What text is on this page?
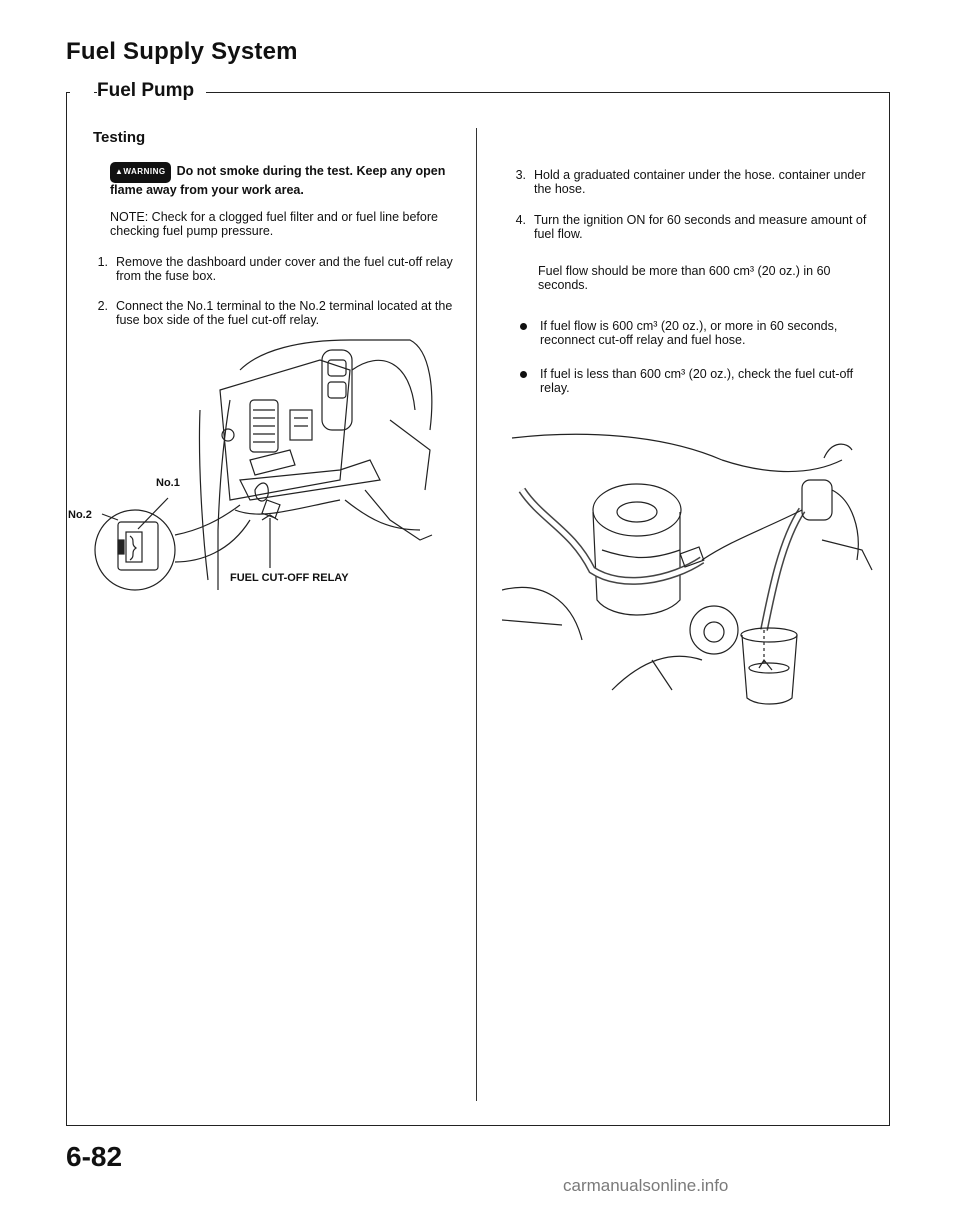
Fuel Supply System
Fuel Pump
Testing
▲WARNING Do not smoke during the test. Keep any open flame away from your work area.
NOTE: Check for a clogged fuel filter and or fuel line before checking fuel pump pressure.
1. Remove the dashboard under cover and the fuel cut-off relay from the fuse box.
2. Connect the No.1 terminal to the No.2 terminal located at the fuse box side of the fuel cut-off relay.
No.1
No.2
FUEL CUT-OFF RELAY
3. Hold a graduated container under the hose. container under the hose.
4. Turn the ignition ON for 60 seconds and measure amount of fuel flow.
Fuel flow should be more than 600 cm³ (20 oz.) in 60 seconds.
If fuel flow is 600 cm³ (20 oz.), or more in 60 seconds, reconnect cut-off relay and fuel hose.
If fuel is less than 600 cm³ (20 oz.), check the fuel cut-off relay.
6-82
carmanualsonline.info
